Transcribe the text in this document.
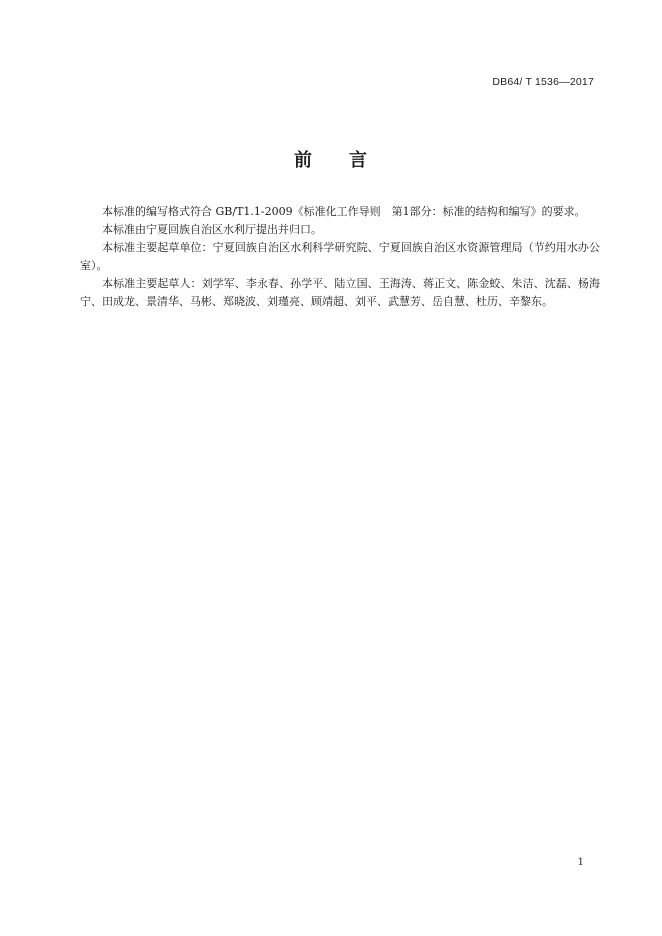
DB64/ T 1536—2017
前 言

本标准的编写格式符合 GB/T1.1-2009《标准化工作导则　第1部分：标准的结构和编写》的要求。

本标准由宁夏回族自治区水利厅提出并归口。

本标准主要起草单位：宁夏回族自治区水利科学研究院、宁夏回族自治区水资源管理局（节约用水办公室）。

本标准主要起草人：刘学军、李永春、孙学平、陆立国、王海涛、蒋正文、陈金蛟、朱洁、沈磊、杨海宁、田成龙、景清华、马彬、郑晓波、刘瑾亮、顾靖超、刘平、武慧芳、岳自慧、杜历、辛黎东。

1
